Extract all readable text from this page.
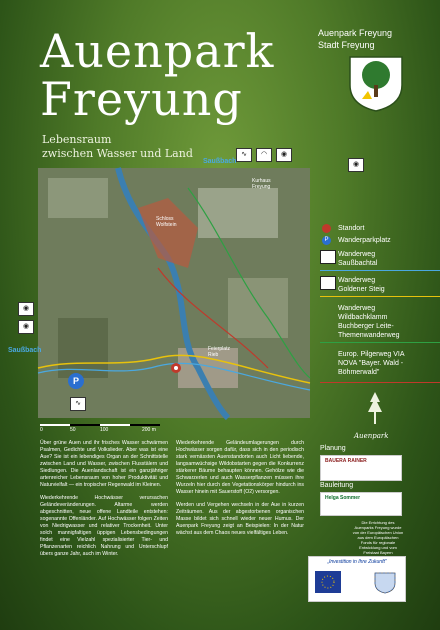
Auenpark
Freyung
Lebensraum
zwischen Wasser und Land
Auenpark Freyung
Stadt Freyung
Saußbach
Schloss
Wolfstein
Kurhaus
Freyung
Feierplatz
Rieb
Saußbach
∿	◠	◉
◉
◉
◉
P
∿
0	50	100	200 m
Standort
P	Wanderparkplatz
Wanderweg
Saußbachtal
Wanderweg
Goldener Steig
Wanderweg
Wildbachklamm
Buchberger Leite-
Themenwanderweg
Europ. Pilgerweg VIA
NOVA "Bayer. Wald -
Böhmerwald"
Auenpark

Über grüne Auen und ihr frisches Wasser schwärmen Psalmen, Gedichte und Volkslieder. Aber was ist eine Aue? Sie ist ein lebendiges Organ an der Schnittstelle zwischen Land und Wasser, zwischen Flusstälern und Siedlungen. Die Auenlandschaft ist ein ganzjähriger artenreicher Lebensraum von hoher Produktivität und Naturvielfalt — ein tropischer Regenwald im Kleinen.

Wiederkehrende Hochwässer verursachen Geländeveränderungen. Altarme werden abgeschnitten, neue offene Landteile entstehen: sogenannte Offenländer. Auf Hochwässer folgen Zeiten von Niedrigwasser und relativer Trockenheit. Unter solch mannigfaltigen üppigen Lebensbedingungen findet eine Vielzahl spezialisierter Tier- und Pflanzenarten reichlich Nahrung und Unterschlupf übers ganze Jahr, auch im Winter.

Wiederkehrende Geländeumlagerungen durch Hochwässer sorgen dafür, dass sich in den periodisch stark vernässten Auenstandorten auch Licht liebende, langsamwüchsige Wildobstarten gegen die Konkurrenz stärkerer Bäume behaupten können. Gehölze wie die Schwarzerlen und auch Wasserpflanzen müssen ihre Wurzeln hier durch den Vegetationskörper hindurch ins Wasser hinein mit Sauerstoff (O2) versorgen.

Werden und Vergehen wechseln in der Aue in kurzen Zeiträumen. Aus der abgestorbenen organischen Masse bildet sich schnell wieder neuer Humus. Der Auenpark Freyung zeigt an Beispielen: In der Natur wächst aus dem Chaos neues vielfältiges Leben.

Planung
BAUERA RAINER
Bauleitung
Helga Sommer
Die Errichtung des Auenparks Freyung wurde von der Europäischen Union aus dem Europäischen Fonds für regionale Entwicklung und vom Freistaat Bayern
„Investition in Ihre Zukunft"
